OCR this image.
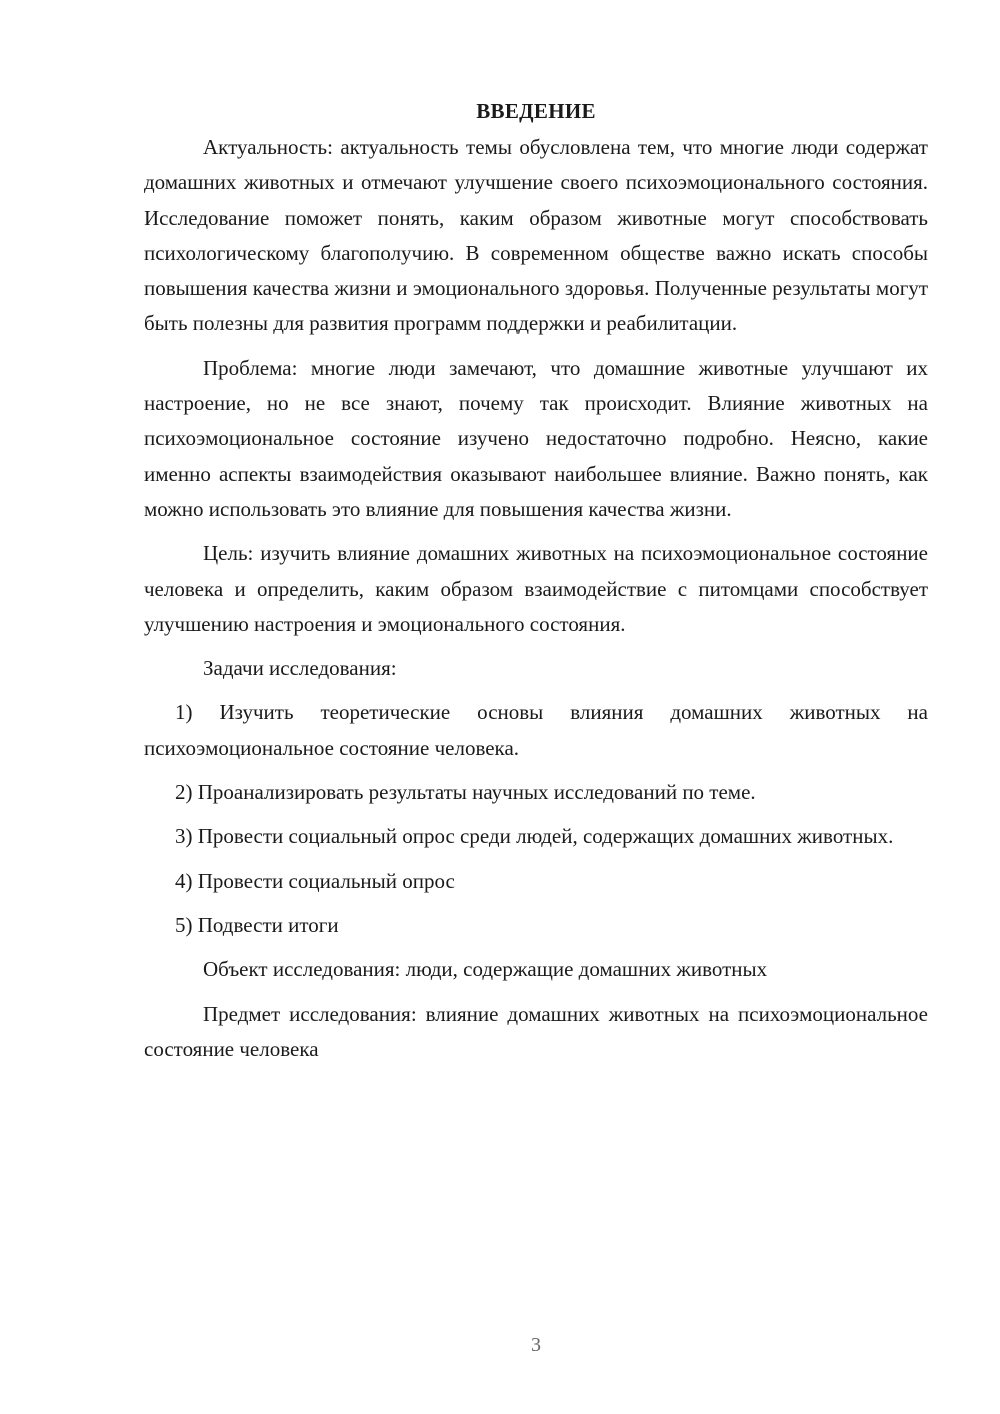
ВВЕДЕНИЕ

Актуальность: актуальность темы обусловлена тем, что многие люди содержат домашних животных и отмечают улучшение своего психоэмоционального состояния. Исследование поможет понять, каким образом животные могут способствовать психологическому благополучию. В современном обществе важно искать способы повышения качества жизни и эмоционального здоровья. Полученные результаты могут быть полезны для развития программ поддержки и реабилитации.

Проблема: многие люди замечают, что домашние животные улучшают их настроение, но не все знают, почему так происходит. Влияние животных на психоэмоциональное состояние изучено недостаточно подробно. Неясно, какие именно аспекты взаимодействия оказывают наибольшее влияние. Важно понять, как можно использовать это влияние для повышения качества жизни.

Цель: изучить влияние домашних животных на психоэмоциональное состояние человека и определить, каким образом взаимодействие с питомцами способствует улучшению настроения и эмоционального состояния.

Задачи исследования:

1) Изучить теоретические основы влияния домашних животных на психоэмоциональное состояние человека.

2) Проанализировать результаты научных исследований по теме.

3) Провести социальный опрос среди людей, содержащих домашних животных.

4) Провести социальный опрос

5) Подвести итоги

Объект исследования: люди, содержащие домашних животных

Предмет исследования: влияние домашних животных на психоэмоциональное состояние человека

3
